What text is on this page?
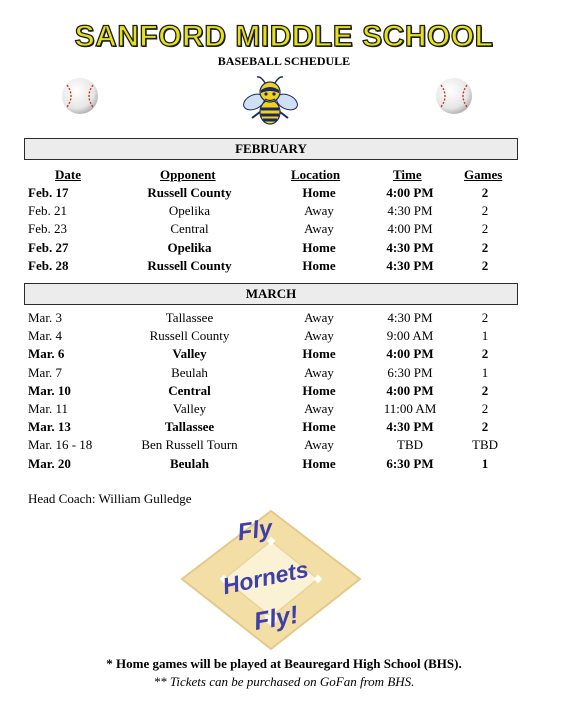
SANFORD MIDDLE SCHOOL
BASEBALL SCHEDULE
FEBRUARY
Date	Opponent	Location	Time	Games
Feb. 17	Russell County	Home	4:00 PM	2
Feb. 21	Opelika	Away	4:30 PM	2
Feb. 23	Central	Away	4:00 PM	2
Feb. 27	Opelika	Home	4:30 PM	2
Feb. 28	Russell County	Home	4:30 PM	2
MARCH
Mar. 3	Tallassee	Away	4:30 PM	2
Mar. 4	Russell County	Away	9:00 AM	1
Mar. 6	Valley	Home	4:00 PM	2
Mar. 7	Beulah	Away	6:30 PM	1
Mar. 10	Central	Home	4:00 PM	2
Mar. 11	Valley	Away	11:00 AM	2
Mar. 13	Tallassee	Home	4:30 PM	2
Mar. 16 - 18	Ben Russell Tourn	Away	TBD	TBD
Mar. 20	Beulah	Home	6:30 PM	1
Head Coach: William Gulledge
Fly
Hornets
Fly!
* Home games will be played at Beauregard High School (BHS).
** Tickets can be purchased on GoFan from BHS.
